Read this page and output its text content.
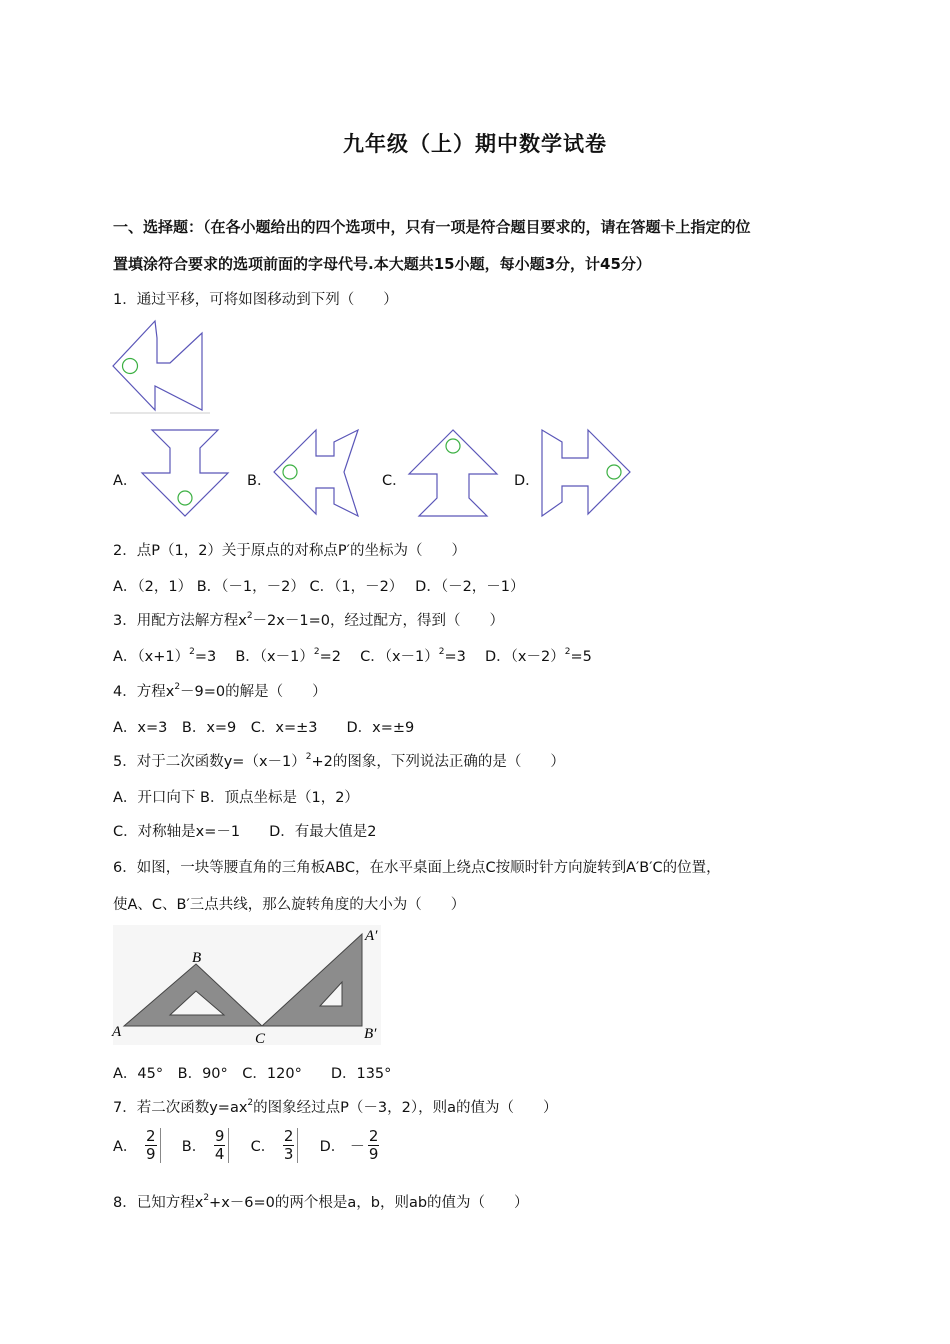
九年级（上）期中数学试卷
一、选择题：（在各小题给出的四个选项中，只有一项是符合题目要求的，请在答题卡上指定的位
置填涂符合要求的选项前面的字母代号.本大题共15小题，每小题3分，计45分）
1．通过平移，可将如图移动到下列（　　）
A．	B．	C．	D．
2．点P（1，2）关于原点的对称点P′的坐标为（　　）
A．（2，1） B．（－1，－2） C．（1，－2）　 D．（－2，－1）
3．用配方法解方程$x^2-2x-1=0$，经过配方，得到（　　）
A．$(x+1)^2=3$　 B．$(x-1)^2=2$　 C．$(x-1)^2=3$　 D．$(x-2)^2=5$
4．方程$x^2-9=0$的解是（　　）
A．x=3　B．x=9　C．x=±3　　D．x=±9
5．对于二次函数$y=(x-1)^2+2$的图象，下列说法正确的是（　　）
A．开口向下 B．顶点坐标是（1，2）
C．对称轴是x=－1　　D．有最大值是2
6．如图，一块等腰直角的三角板ABC，在水平桌面上绕点C按顺时针方向旋转到A′B′C的位置，
使A、C、B′三点共线，那么旋转角度的大小为（　　）
A
B
C
A′
B′
A．45°　B．90°　C．120°　　D．135°
7．若二次函数$y=ax^2$的图象经过点P（－3，2），则a的值为（　　）
A． $\frac{2}{9}$ B． $\frac{9}{4}$ C． $\frac{2}{3}$ D． － $\frac{2}{9}$
8．已知方程$x^2+x-6=0$的两个根是a，b，则ab的值为（　　）
